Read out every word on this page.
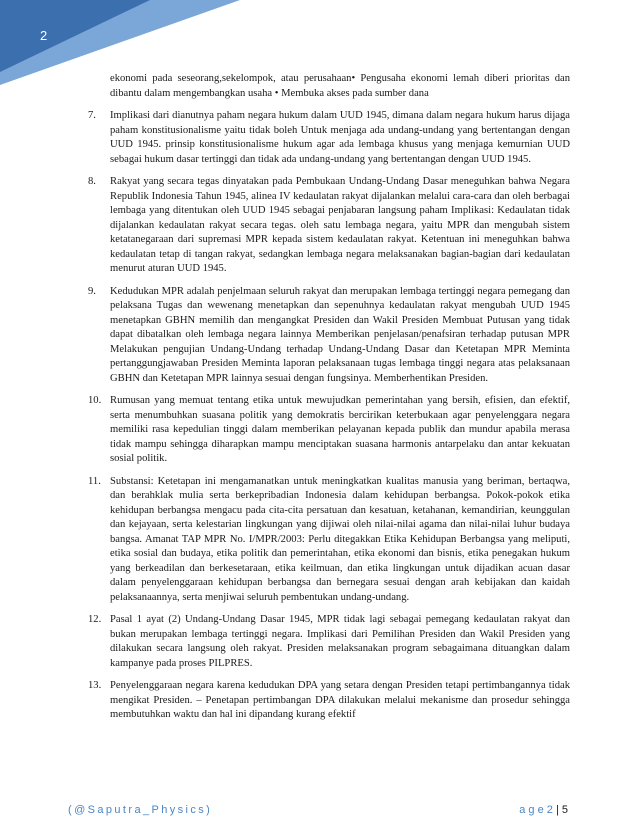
2

ekonomi pada seseorang,sekelompok, atau perusahaan• Pengusaha ekonomi lemah diberi prioritas dan dibantu dalam mengembangkan usaha • Membuka akses pada sumber dana

7. Implikasi dari dianutnya paham negara hukum dalam UUD 1945, dimana dalam negara hukum harus dijaga paham konstitusionalisme yaitu tidak boleh Untuk menjaga ada undang-undang yang bertentangan dengan UUD 1945. prinsip konstitusionalisme hukum agar ada lembaga khusus yang menjaga kemurnian UUD sebagai hukum dasar tertinggi dan tidak ada undang-undang yang bertentangan dengan UUD 1945.
8. Rakyat yang secara tegas dinyatakan pada Pembukaan Undang-Undang Dasar meneguhkan bahwa Negara Republik Indonesia Tahun 1945, alinea IV kedaulatan rakyat dijalankan melalui cara-cara dan oleh berbagai lembaga yang ditentukan oleh UUD 1945 sebagai penjabaran langsung paham Implikasi: Kedaulatan tidak dijalankan kedaulatan rakyat secara tegas. oleh satu lembaga negara, yaitu MPR dan mengubah sistem ketatanegaraan dari supremasi MPR kepada sistem kedaulatan rakyat. Ketentuan ini meneguhkan bahwa kedaulatan tetap di tangan rakyat, sedangkan lembaga negara melaksanakan bagian-bagian dari kedaulatan menurut aturan UUD 1945.
9. Kedudukan MPR adalah penjelmaan seluruh rakyat dan merupakan lembaga tertinggi negara pemegang dan pelaksana Tugas dan wewenang menetapkan dan sepenuhnya kedaulatan rakyat mengubah UUD 1945 menetapkan GBHN memilih dan mengangkat Presiden dan Wakil Presiden Membuat Putusan yang tidak dapat dibatalkan oleh lembaga negara lainnya Memberikan penjelasan/penafsiran terhadap putusan MPR Melakukan pengujian Undang-Undang terhadap Undang-Undang Dasar dan Ketetapan MPR Meminta pertanggungjawaban Presiden Meminta laporan pelaksanaan tugas lembaga tinggi negara atas pelaksanaan GBHN dan Ketetapan MPR lainnya sesuai dengan fungsinya. Memberhentikan Presiden.
10. Rumusan yang memuat tentang etika untuk mewujudkan pemerintahan yang bersih, efisien, dan efektif, serta menumbuhkan suasana politik yang demokratis bercirikan keterbukaan agar penyelenggara negara memiliki rasa kepedulian tinggi dalam memberikan pelayanan kepada publik dan mundur apabila merasa tidak mampu sehingga diharapkan mampu menciptakan suasana harmonis antarpelaku dan antar kekuatan sosial politik.
11. Substansi: Ketetapan ini mengamanatkan untuk meningkatkan kualitas manusia yang beriman, bertaqwa, dan berahklak mulia serta berkepribadian Indonesia dalam kehidupan berbangsa. Pokok-pokok etika kehidupan berbangsa mengacu pada cita-cita persatuan dan kesatuan, ketahanan, kemandirian, keunggulan dan kejayaan, serta kelestarian lingkungan yang dijiwai oleh nilai-nilai agama dan nilai-nilai luhur budaya bangsa. Amanat TAP MPR No. I/MPR/2003: Perlu ditegakkan Etika Kehidupan Berbangsa yang meliputi, etika sosial dan budaya, etika politik dan pemerintahan, etika ekonomi dan bisnis, etika penegakan hukum yang berkeadilan dan berkesetaraan, etika keilmuan, dan etika lingkungan untuk dijadikan acuan dasar dalam penyelenggaraan kehidupan berbangsa dan bernegara sesuai dengan arah kebijakan dan kaidah pelaksanaannya, serta menjiwai seluruh pembentukan undang-undang.
12. Pasal 1 ayat (2) Undang-Undang Dasar 1945, MPR tidak lagi sebagai pemegang kedaulatan rakyat dan bukan merupakan lembaga tertinggi negara. Implikasi dari Pemilihan Presiden dan Wakil Presiden yang dilakukan secara langsung oleh rakyat. Presiden melaksanakan program sebagaimana dituangkan dalam kampanye pada proses PILPRES.
13. Penyelenggaraan negara karena kedudukan DPA yang setara dengan Presiden tetapi pertimbangannya tidak mengikat Presiden. – Penetapan pertimbangan DPA dilakukan melalui mekanisme dan prosedur sehingga membutuhkan waktu dan hal ini dipandang kurang efektif
(@Saputra_Physics)	a g e 2 | 5
